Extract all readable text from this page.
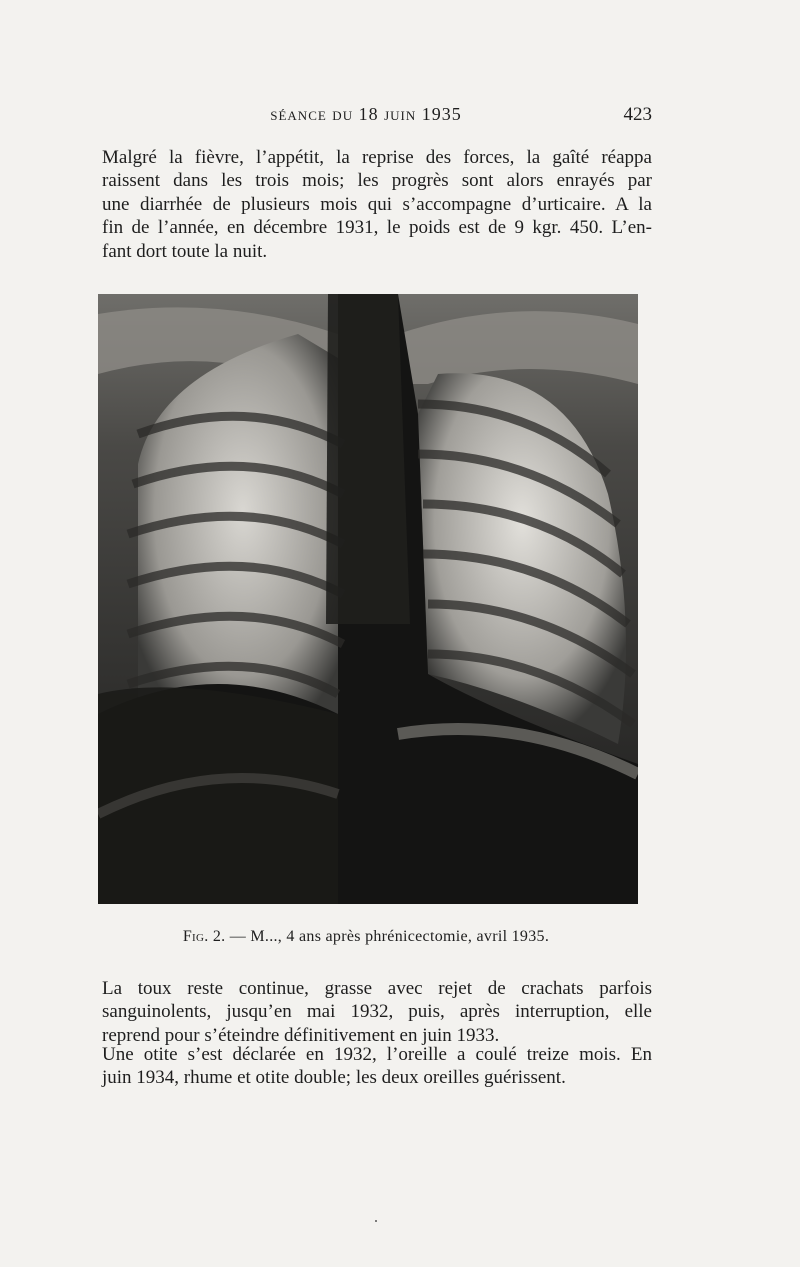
séance du 18 juin 1935	423
Malgré la fièvre, l’appétit, la reprise des forces, la gaîté réappa
raissent dans les trois mois; les progrès sont alors enrayés par
une diarrhée de plusieurs mois qui s’accompagne d’urticaire. A la
fin de l’année, en décembre 1931, le poids est de 9 kgr. 450. L’en-
fant dort toute la nuit.
Fig. 2. — M..., 4 ans après phrénicectomie, avril 1935.
La toux reste continue, grasse avec rejet de crachats parfois
sanguinolents, jusqu’en mai 1932, puis, après interruption, elle
reprend pour s’éteindre définitivement en juin 1933.
Une otite s’est déclarée en 1932, l’oreille a coulé treize mois. En
juin 1934, rhume et otite double; les deux oreilles guérissent.
